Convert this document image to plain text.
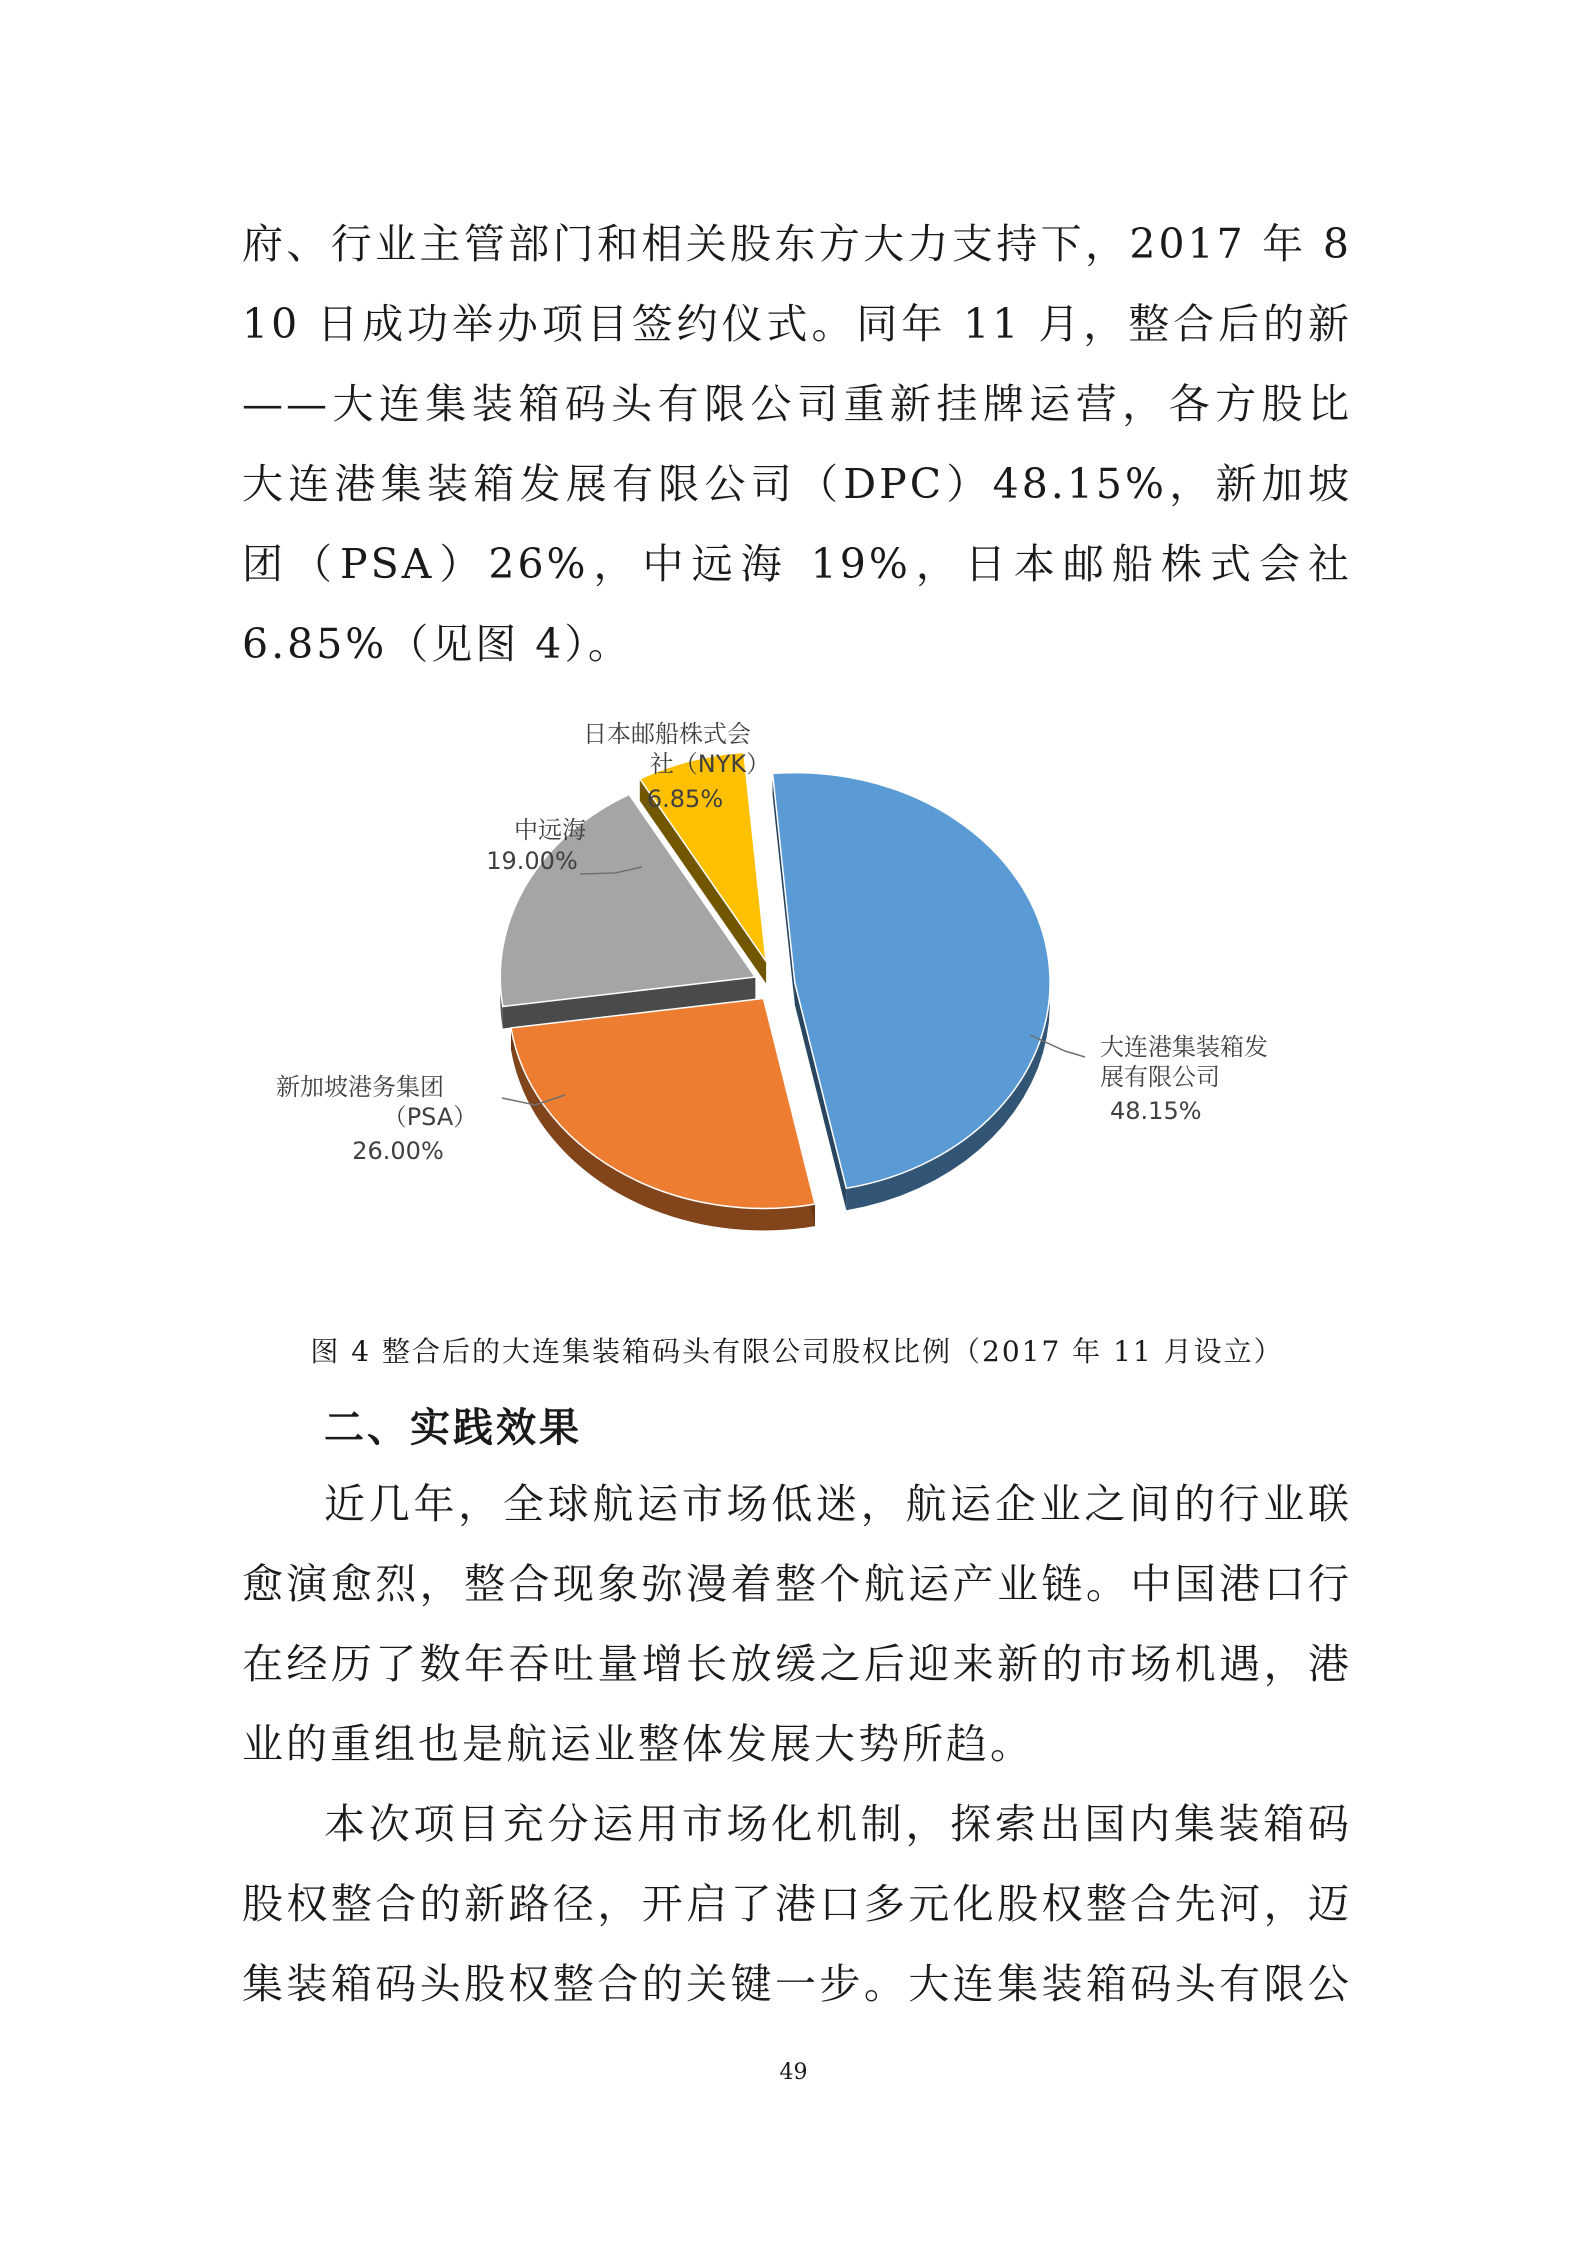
府、行业主管部门和相关股东方大力支持下，2017 年 8
10 日成功举办项目签约仪式。同年 11 月，整合后的新
——大连集装箱码头有限公司重新挂牌运营，各方股比
大连港集装箱发展有限公司（DPC）48.15%，新加坡
团（PSA）26%，中远海 19%，日本邮船株式会社
6.85%（见图 4）。

大连港集装箱发
展有限公司
48.15%
新加坡港务集团
（PSA）
26.00%
中远海
19.00%
日本邮船株式会
社（NYK）
6.85%

图 4 整合后的大连集装箱码头有限公司股权比例（2017 年 11 月设立）

二、实践效果

近几年，全球航运市场低迷，航运企业之间的行业联
愈演愈烈，整合现象弥漫着整个航运产业链。中国港口行
在经历了数年吞吐量增长放缓之后迎来新的市场机遇，港
业的重组也是航运业整体发展大势所趋。

本次项目充分运用市场化机制，探索出国内集装箱码
股权整合的新路径，开启了港口多元化股权整合先河，迈
集装箱码头股权整合的关键一步。大连集装箱码头有限公

49
